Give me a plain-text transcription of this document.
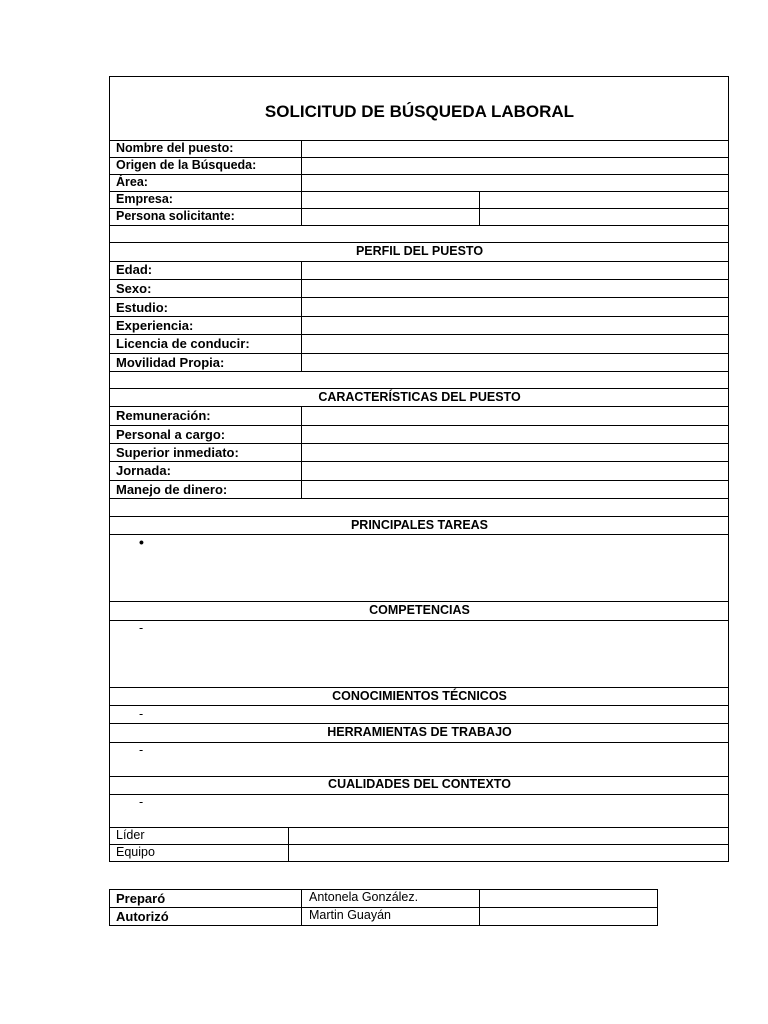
SOLICITUD DE BÚSQUEDA LABORAL
Nombre del puesto:
Origen de la Búsqueda:
Área:
Empresa:
Persona solicitante:
PERFIL DEL PUESTO
Edad:
Sexo:
Estudio:
Experiencia:
Licencia de conducir:
Movilidad Propia:
CARACTERÍSTICAS DEL PUESTO
Remuneración:
Personal a cargo:
Superior inmediato:
Jornada:
Manejo de dinero:
PRINCIPALES TAREAS
•
COMPETENCIAS
-
CONOCIMIENTOS TÉCNICOS
-
HERRAMIENTAS DE TRABAJO
-
CUALIDADES DEL CONTEXTO
-
Líder
Equipo
Preparó	Antonela González.
Autorizó	Martin Guayán
